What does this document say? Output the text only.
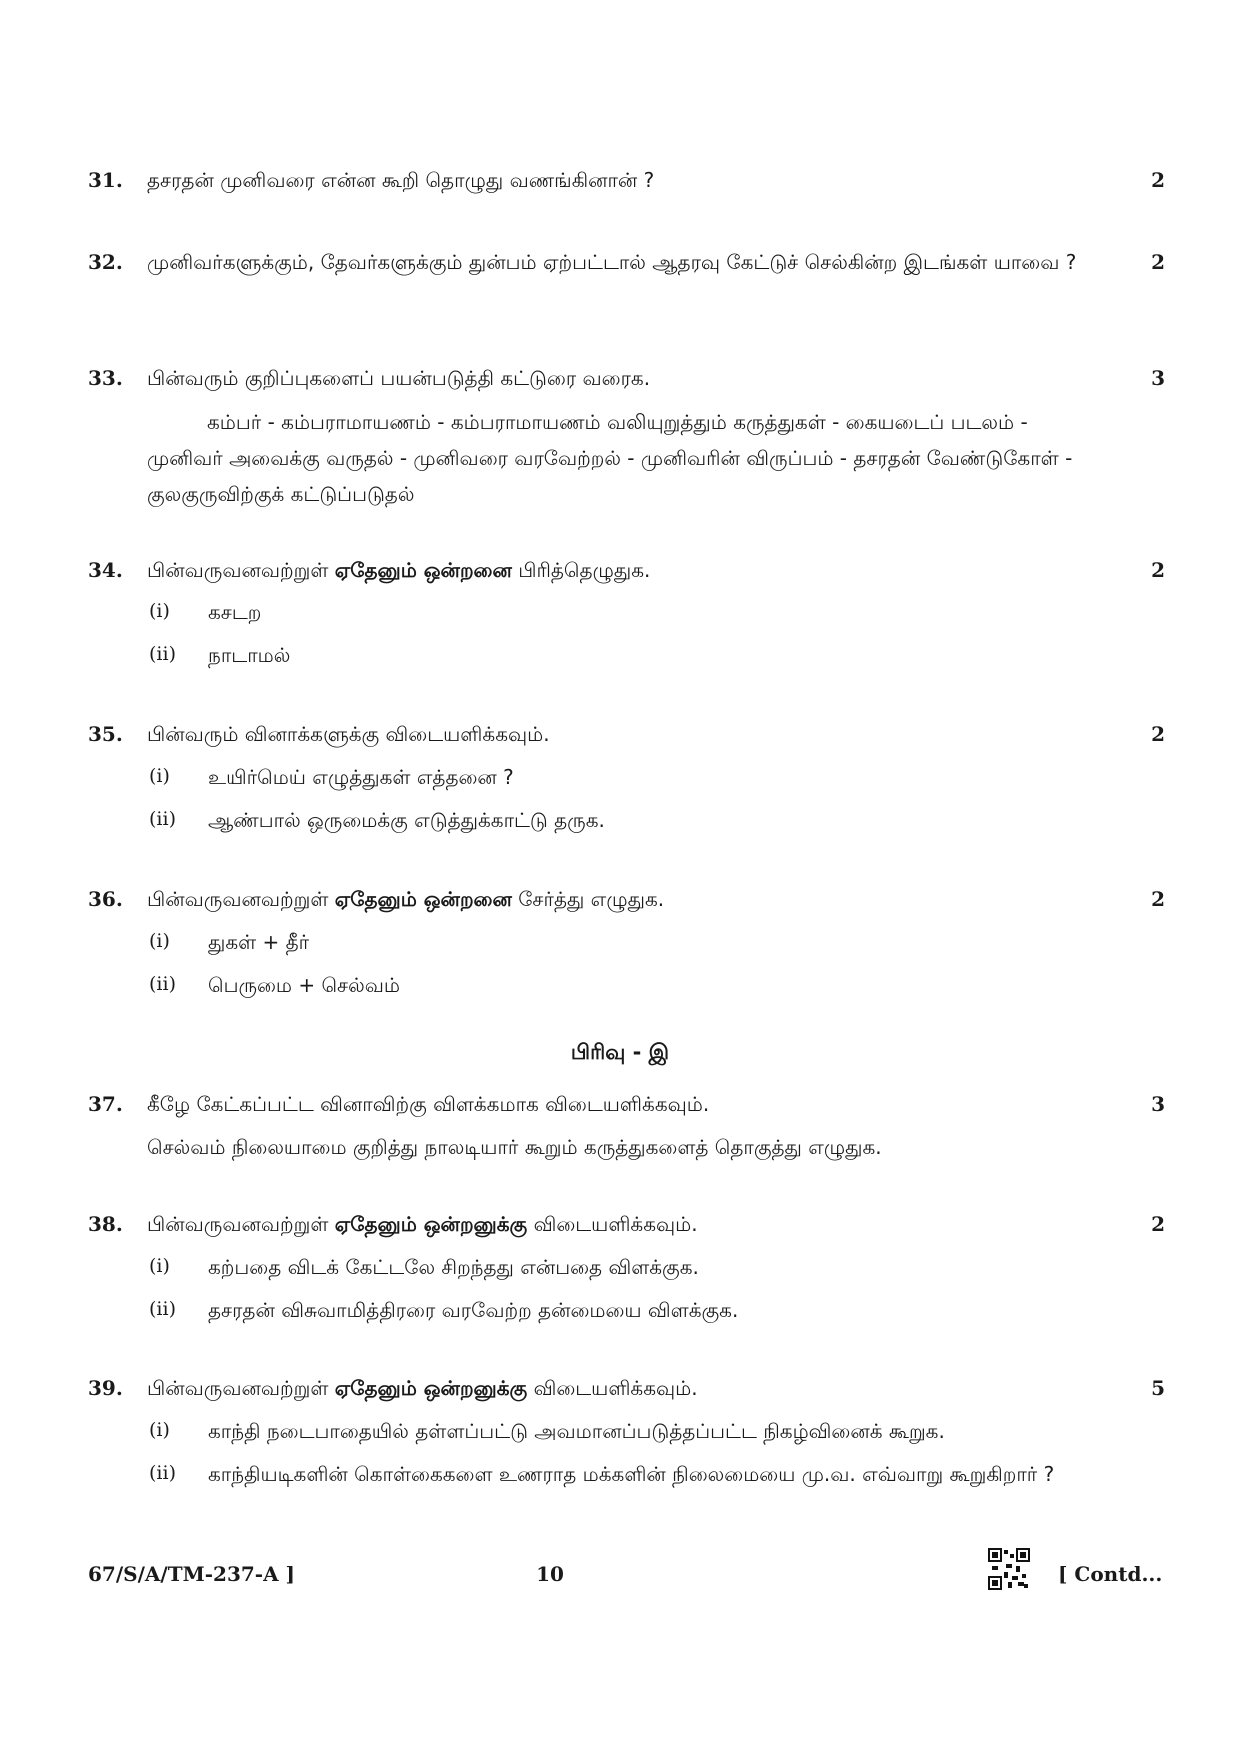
31. தசரதன் முனிவரை என்ன கூறி தொழுது வணங்கினான் ?	2
32. முனிவர்களுக்கும், தேவர்களுக்கும் துன்பம் ஏற்பட்டால் ஆதரவு கேட்டுச் செல்கின்ற இடங்கள் யாவை ?	2
33. பின்வரும் குறிப்புகளைப் பயன்படுத்தி கட்டுரை வரைக.	3
கம்பர் - கம்பராமாயணம் - கம்பராமாயணம் வலியுறுத்தும் கருத்துகள் - கையடைப் படலம் - முனிவர் அவைக்கு வருதல் - முனிவரை வரவேற்றல் - முனிவரின் விருப்பம் - தசரதன் வேண்டுகோள் - குலகுருவிற்குக் கட்டுப்படுதல்
34. பின்வருவனவற்றுள் ஏதேனும் ஒன்றனை பிரித்தெழுதுக.	2
(i) கசடற
(ii) நாடாமல்
35. பின்வரும் வினாக்களுக்கு விடையளிக்கவும்.	2
(i) உயிர்மெய் எழுத்துகள் எத்தனை ?
(ii) ஆண்பால் ஒருமைக்கு எடுத்துக்காட்டு தருக.
36. பின்வருவனவற்றுள் ஏதேனும் ஒன்றனை சேர்த்து எழுதுக.	2
(i) துகள் + தீர்
(ii) பெருமை + செல்வம்
பிரிவு - இ
37. கீழே கேட்கப்பட்ட வினாவிற்கு விளக்கமாக விடையளிக்கவும்.	3
செல்வம் நிலையாமை குறித்து நாலடியார் கூறும் கருத்துகளைத் தொகுத்து எழுதுக.
38. பின்வருவனவற்றுள் ஏதேனும் ஒன்றனுக்கு விடையளிக்கவும்.	2
(i) கற்பதை விடக் கேட்டலே சிறந்தது என்பதை விளக்குக.
(ii) தசரதன் விசுவாமித்திரரை வரவேற்ற தன்மையை விளக்குக.
39. பின்வருவனவற்றுள் ஏதேனும் ஒன்றனுக்கு விடையளிக்கவும்.	5
(i) காந்தி நடைபாதையில் தள்ளப்பட்டு அவமானப்படுத்தப்பட்ட நிகழ்வினைக் கூறுக.
(ii) காந்தியடிகளின் கொள்கைகளை உணராத மக்களின் நிலைமையை மு.வ. எவ்வாறு கூறுகிறார் ?
67/S/A/TM-237-A ]	10	[ Contd...
